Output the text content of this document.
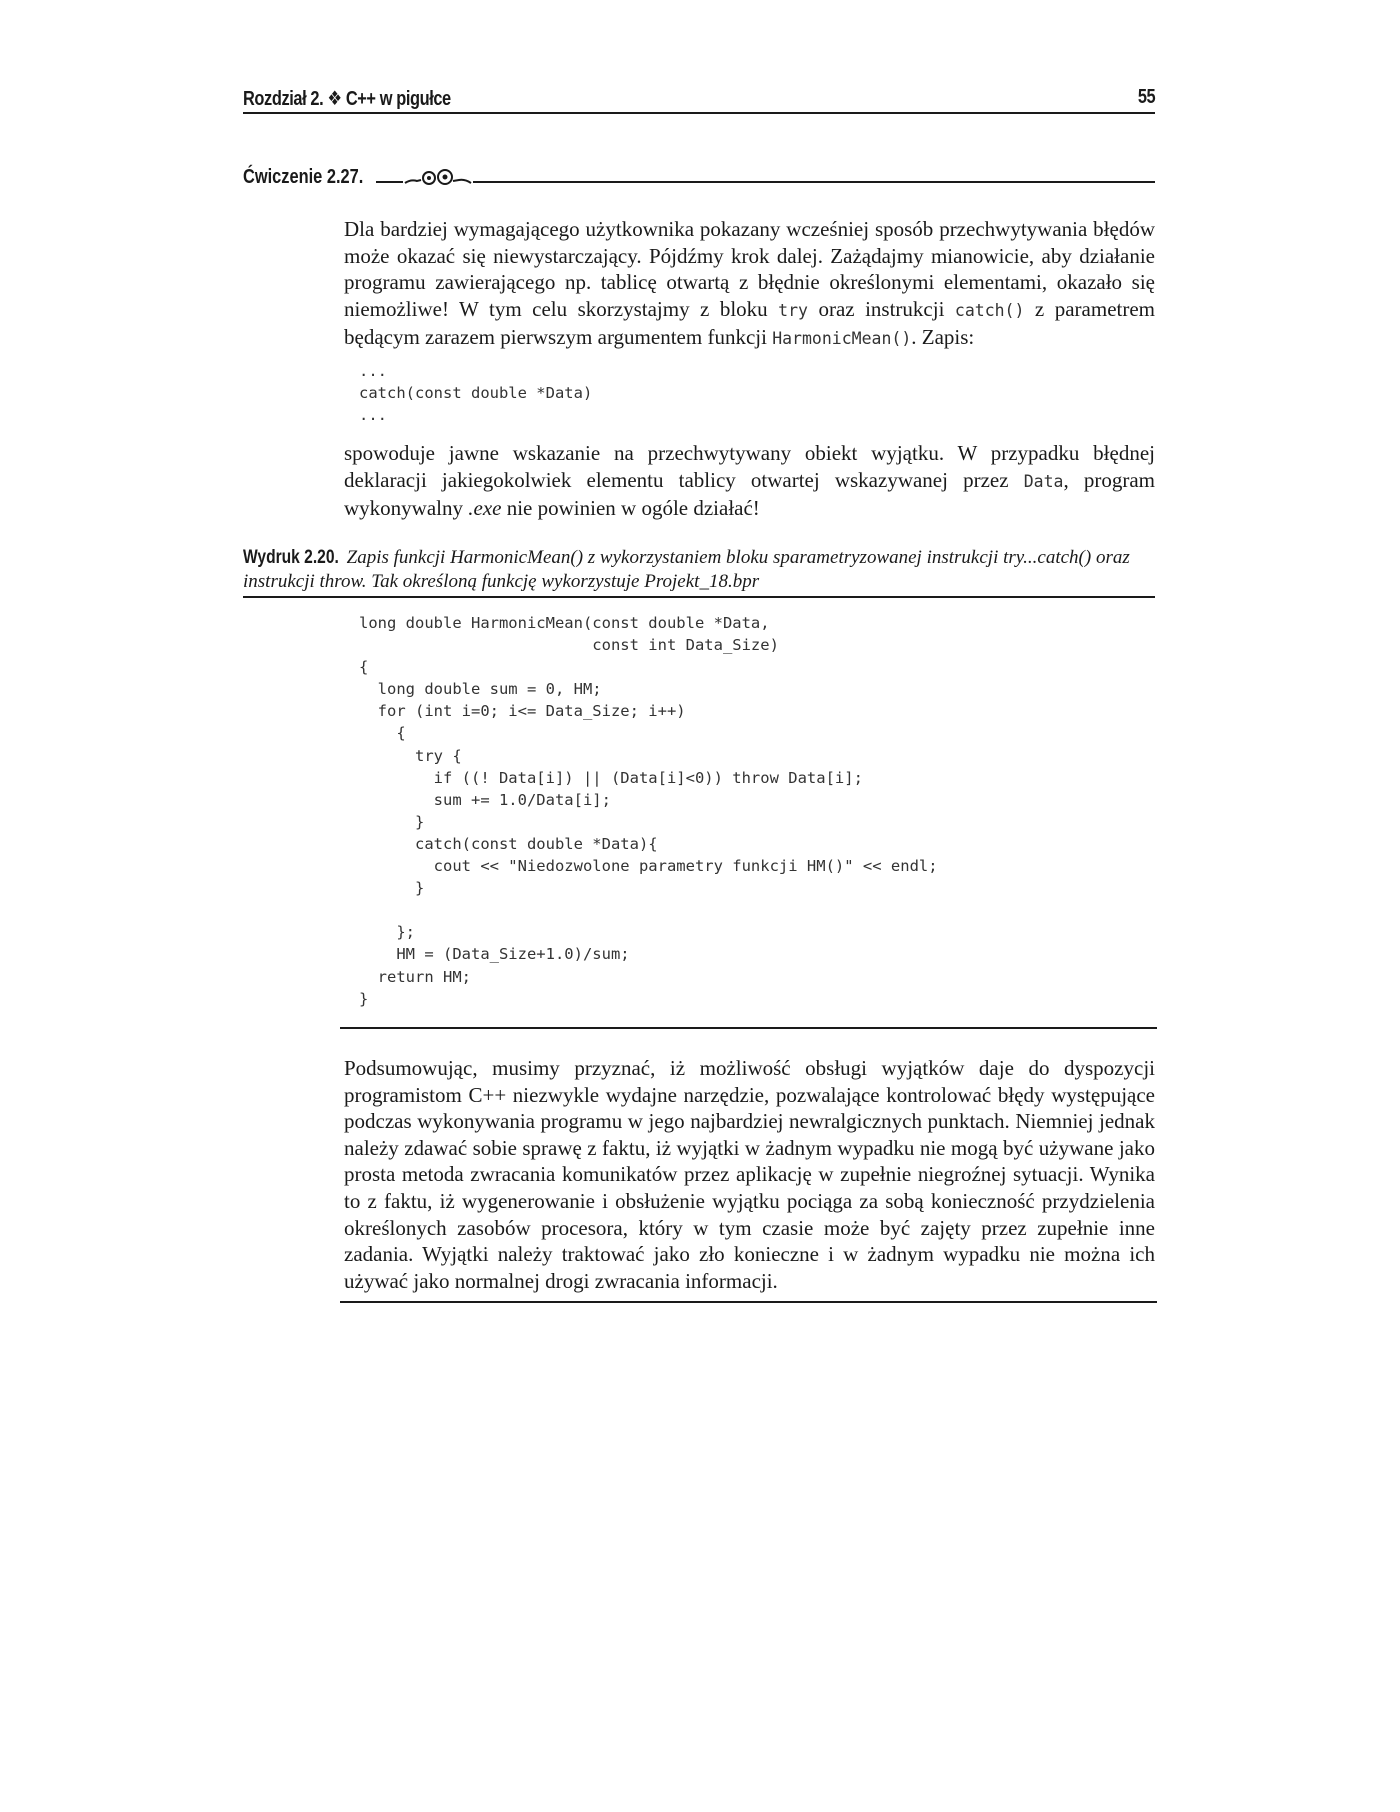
Rozdział 2. ❖ C++ w pigułce	55
Ćwiczenie 2.27.

Dla bardziej wymagającego użytkownika pokazany wcześniej sposób przechwytywania błędów może okazać się niewystarczający. Pójdźmy krok dalej. Zażądajmy mianowicie, aby działanie programu zawierającego np. tablicę otwartą z błędnie określonymi elementami, okazało się niemożliwe! W tym celu skorzystajmy z bloku try oraz instrukcji catch() z parametrem będącym zarazem pierwszym argumentem funkcji HarmonicMean(). Zapis:

...
catch(const double *Data)
...

spowoduje jawne wskazanie na przechwytywany obiekt wyjątku. W przypadku błędnej deklaracji jakiegokolwiek elementu tablicy otwartej wskazywanej przez Data, program wykonywalny .exe nie powinien w ogóle działać!

Wydruk 2.20. Zapis funkcji HarmonicMean() z wykorzystaniem bloku sparametryzowanej instrukcji try...catch() oraz instrukcji throw. Tak określoną funkcję wykorzystuje Projekt_18.bpr
long double HarmonicMean(const double *Data,
const int Data_Size)
{
long double sum = 0, HM;
for (int i=0; i<= Data_Size; i++)
{
try {
if ((! Data[i]) || (Data[i]<0)) throw Data[i];
sum += 1.0/Data[i];
}
catch(const double *Data){
cout << "Niedozwolone parametry funkcji HM()" << endl;
}

};
HM = (Data_Size+1.0)/sum;
return HM;
}

Podsumowując, musimy przyznać, iż możliwość obsługi wyjątków daje do dyspozycji programistom C++ niezwykle wydajne narzędzie, pozwalające kontrolować błędy występujące podczas wykonywania programu w jego najbardziej newralgicznych punktach. Niemniej jednak należy zdawać sobie sprawę z faktu, iż wyjątki w żadnym wypadku nie mogą być używane jako prosta metoda zwracania komunikatów przez aplikację w zupełnie niegroźnej sytuacji. Wynika to z faktu, iż wygenerowanie i obsłużenie wyjątku pociąga za sobą konieczność przydzielenia określonych zasobów procesora, który w tym czasie może być zajęty przez zupełnie inne zadania. Wyjątki należy traktować jako zło konieczne i w żadnym wypadku nie można ich używać jako normalnej drogi zwracania informacji.
